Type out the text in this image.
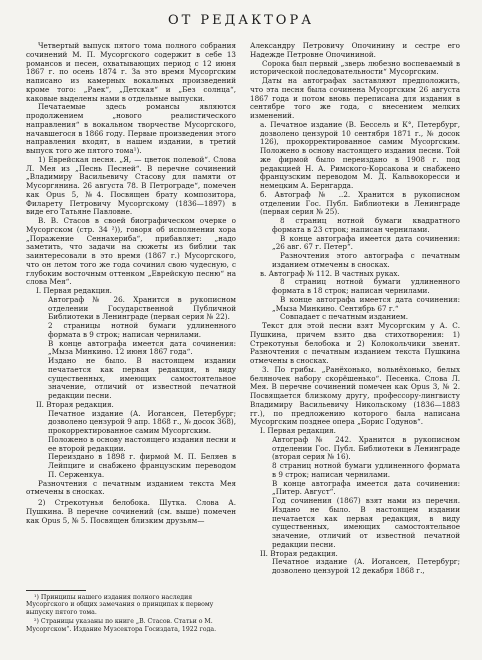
ОТ РЕДАКТОРА

Четвертый выпуск пятого тома полного собрания сочинений М. П. Мусоргского содержит в себе 13 романсов и песен, охватывающих период с 12 июня 1867 г. по осень 1874 г. За это время Мусоргским написано из камерных вокальных произведений кроме того: „Раек“, „Детская“ и „Без солнца“, каковые выделены нами в отдельные выпуски.

Печатаемые здесь романсы являются продолжением „нового реалистического направления“ в вокальном творчестве Мусоргского, начавшегося в 1866 году. Первые произведения этого направления входят, в нашем издании, в третий выпуск того же пятого тома¹).

1) Еврейская песня. „Я, — цветок полевой“. Слова Л. Мея из „Песнь Песней“. В перечне сочинений „Владимиру Васильевичу Стасову для памяти от Мусоргянина. 26 августа 78. В Петрограде“, помечен как Opus 5, №4. Посвящен брату композитора, Филарету Петровичу Мусоргскому (1836—1897) в виде его Татьяне Павловне.

В. В. Стасов в своей биографическом очерке о Мусоргском (стр. 34 ²)), говоря об исполнении хора „Поражение Сеннахериба“, прибавляет: „надо заметить, что задачи на сюжеты из библии так заинтересовали в это время (1867 г.) Мусоргского, что он летом того же года сочинил свою чудесную, с глубоким восточным оттенком „Еврейскую песню“ на слова Мея“.

I. Первая редакция.

Автограф № 26. Хранится в рукописном отделении Государственной Публичной Библиотеки в Ленинграде (первая серия № 22).

2 страницы нотной бумаги удлиненного формата в 9 строк; написан чернилами.

В конце автографа имеется дата сочинения: „Мыза Минкино. 12 июня 1867 года“.

Издано не было. В настоящем издании печатается как первая редакция, в виду существенных, имеющих самостоятельное значение, отличий от известной печатной редакции песни.

II. Вторая редакция.

Печатное издание (А. Иогансен, Петербург; дозволено цензурой 9 апр. 1868 г., № досок 368), прокорректированное самим Мусоргским.

Положено в основу настоящего издания песни и ее второй редакции.

Переиздано в 1898 г. фирмой М. П. Беляев в Лейпциге и снабжено французским переводом П. Серженкуа.

Разночтения с печатным изданием текста Мея отмечены в сносках.

2) Стрекотунья белобока. Шутка. Слова А. Пушкина. В перечне сочинений (см. выше) помечен как Opus 5, № 5. Посвящен близким друзьям—

Александру Петровичу Опочинину и сестре его Надежде Петровне Опочининой.

Сорока был первый „зверь любезно воспеваемый в исторической последовательности“ Мусоргским.

Даты на автографах заставляют предположить, что эта песня была сочинена Мусоргским 26 августа 1867 года и потом вновь переписана для издания в сентябре того же года, с внесением мелких изменений.

а. Печатное издание (В. Бессель и К°, Петербург, дозволено цензурой 10 сентября 1871 г., № досок 126), прокорректированное самим Мусоргским. Положено в основу настоящего издания песни. Той же фирмой было переиздано в 1908 г. под редакцией Н. А. Римского-Корсакова и снабжено французским переводом М. Д. Кальвокоресси и немецким А. Бернгарда.

б. Автограф № ..2. Хранится в рукописном отделении Гос. Публ. Библиотеки в Ленинграде (первая серия № 25).

8 страниц нотной бумаги квадратного формата в 23 строк; написан чернилами.

В конце автографа имеется дата сочинения: „26 авг. 67 г. Петер“.

Разночтения этого автографа с печатным изданием отмечены в сносках.

в. Автограф № 112. В частных руках.

8 страниц нотной бумаги удлиненного формата в 18 строк; написан чернилами.

В конце автографа имеется дата сочинения: „Мыза Минкино. Сентябрь 67 г.“

Совпадает с печатным изданием.

Текст для этой песни взят Мусоргским у А. С. Пушкина, причем взято два стихотворения: 1) Стрекотунья белобока и 2) Колокольчики звенят. Разночтения с печатным изданием текста Пушкина отмечены в сносках.

3. По грибы. „Ранёхонько, вольнёхонько, белых беляночек набору скорёшенько“. Песенка. Слова Л. Мея. В перечне сочинений помечен как Opus 3, № 2. Посвящается близкому другу, профессору-лингвисту Владимиру Васильевичу Никольскому (1836—1883 гг.), по предложению которого была написана Мусоргским позднее опера „Борис Годунов“.

I. Первая редакция.

Автограф № 242. Хранится в рукописном отделении Гос. Публ. Библиотеки в Ленинграде (вторая серия № 16).

8 страниц нотной бумаги удлиненного формата в 9 строк; написан чернилами.

В конце автографа имеется дата сочинения: „Питер. Август“.

Год сочинения (1867) взят нами из перечня. Издано не было. В настоящем издании печатается как первая редакция, в виду существенных, имеющих самостоятельное значение, отличий от известной печатной редакции песни.

II. Вторая редакция.

Печатное издание (А. Иогансен, Петербург; дозволено цензурой 12 декабря 1868 г.,

¹) Принципы нашего издания полного наследия Мусоргского и общих замечания о принципах к первому выпуску пятого тома.

²) Страницы указаны по книге „В. Стасов. Статьи о М. Мусоргском“. Издание Музсектора Госиздата, 1922 года.
